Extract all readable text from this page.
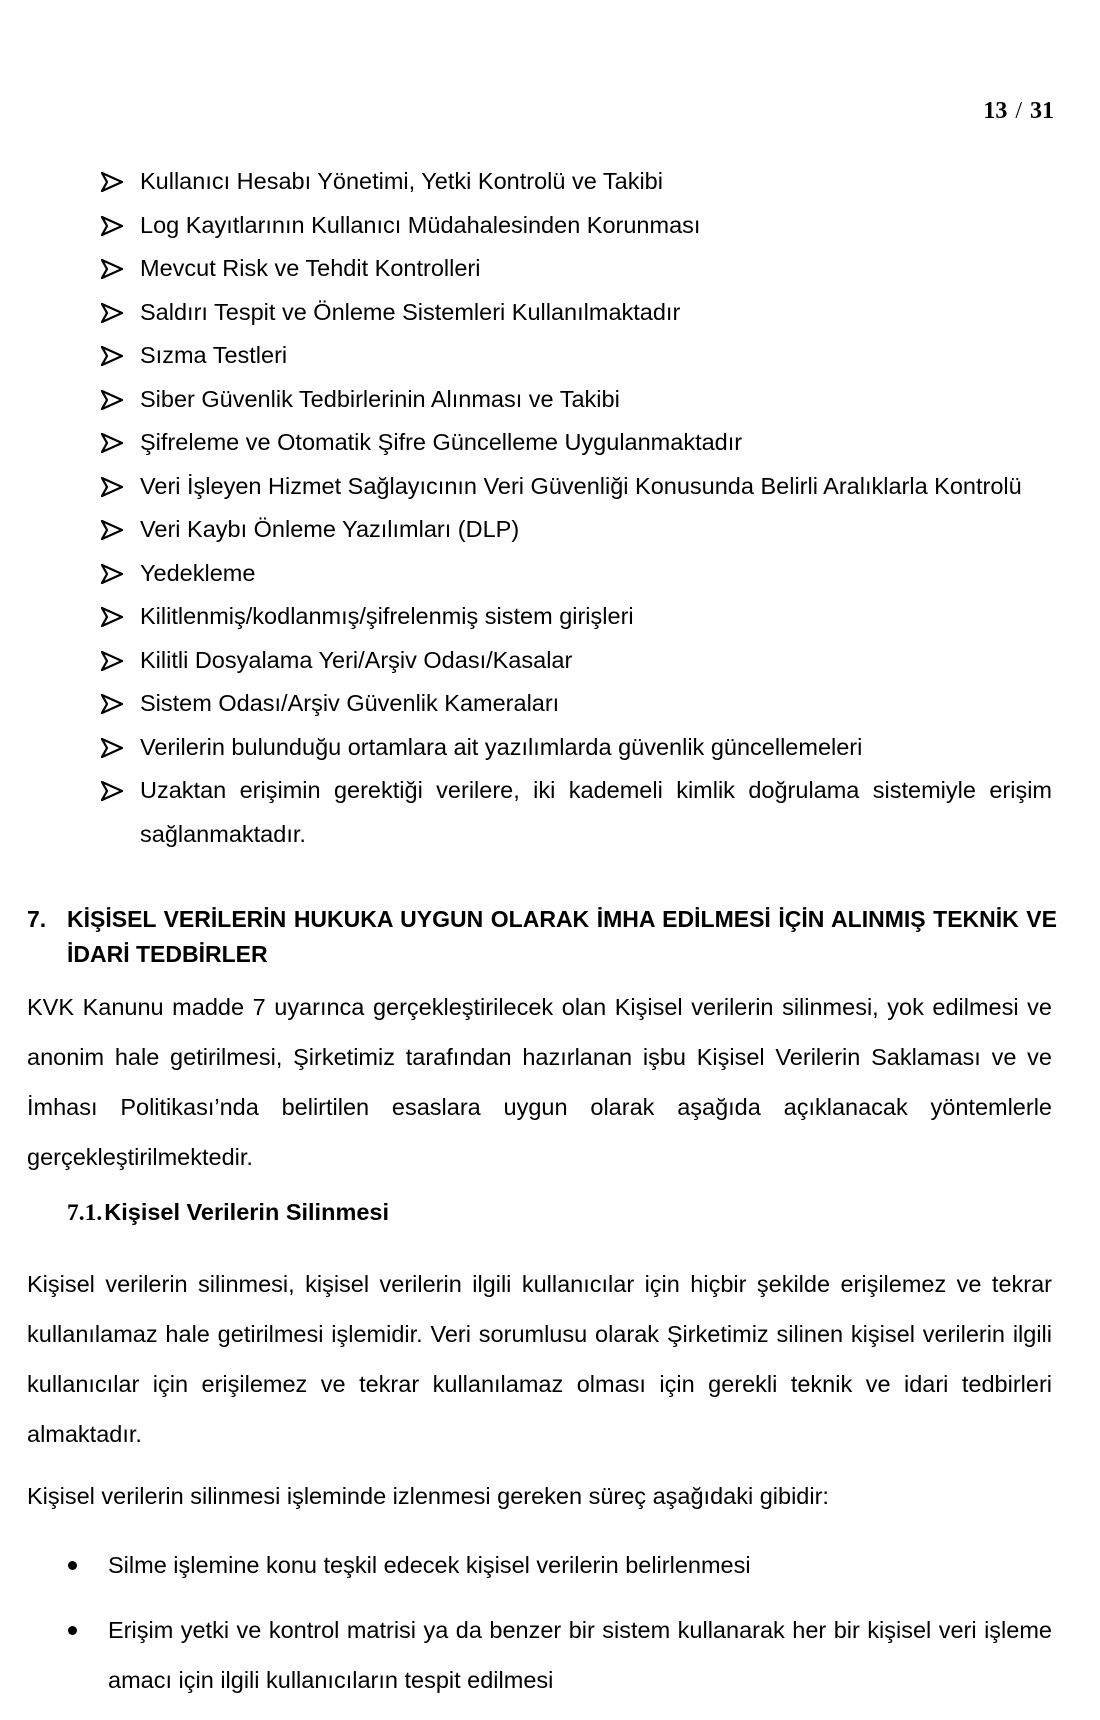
13 / 31
Kullanıcı Hesabı Yönetimi, Yetki Kontrolü ve Takibi
Log Kayıtlarının Kullanıcı Müdahalesinden Korunması
Mevcut Risk ve Tehdit Kontrolleri
Saldırı Tespit ve Önleme Sistemleri Kullanılmaktadır
Sızma Testleri
Siber Güvenlik Tedbirlerinin Alınması ve Takibi
Şifreleme ve Otomatik Şifre Güncelleme Uygulanmaktadır
Veri İşleyen Hizmet Sağlayıcının Veri Güvenliği Konusunda Belirli Aralıklarla Kontrolü
Veri Kaybı Önleme Yazılımları (DLP)
Yedekleme
Kilitlenmiş/kodlanmış/şifrelenmiş sistem girişleri
Kilitli Dosyalama Yeri/Arşiv Odası/Kasalar
Sistem Odası/Arşiv Güvenlik Kameraları
Verilerin bulunduğu ortamlara ait yazılımlarda güvenlik güncellemeleri
Uzaktan erişimin gerektiği verilere, iki kademeli kimlik doğrulama sistemiyle erişim sağlanmaktadır.
7. KİŞİSEL VERİLERİN HUKUKA UYGUN OLARAK İMHA EDİLMESİ İÇİN ALINMIŞ TEKNİK VE İDARİ TEDBİRLER

KVK Kanunu madde 7 uyarınca gerçekleştirilecek olan Kişisel verilerin silinmesi, yok edilmesi ve anonim hale getirilmesi, Şirketimiz tarafından hazırlanan işbu Kişisel Verilerin Saklaması ve ve İmhası Politikası’nda belirtilen esaslara uygun olarak aşağıda açıklanacak yöntemlerle gerçekleştirilmektedir.

7.1.Kişisel Verilerin Silinmesi

Kişisel verilerin silinmesi, kişisel verilerin ilgili kullanıcılar için hiçbir şekilde erişilemez ve tekrar kullanılamaz hale getirilmesi işlemidir. Veri sorumlusu olarak Şirketimiz silinen kişisel verilerin ilgili kullanıcılar için erişilemez ve tekrar kullanılamaz olması için gerekli teknik ve idari tedbirleri almaktadır.

Kişisel verilerin silinmesi işleminde izlenmesi gereken süreç aşağıdaki gibidir:

Silme işlemine konu teşkil edecek kişisel verilerin belirlenmesi
Erişim yetki ve kontrol matrisi ya da benzer bir sistem kullanarak her bir kişisel veri işleme amacı için ilgili kullanıcıların tespit edilmesi
